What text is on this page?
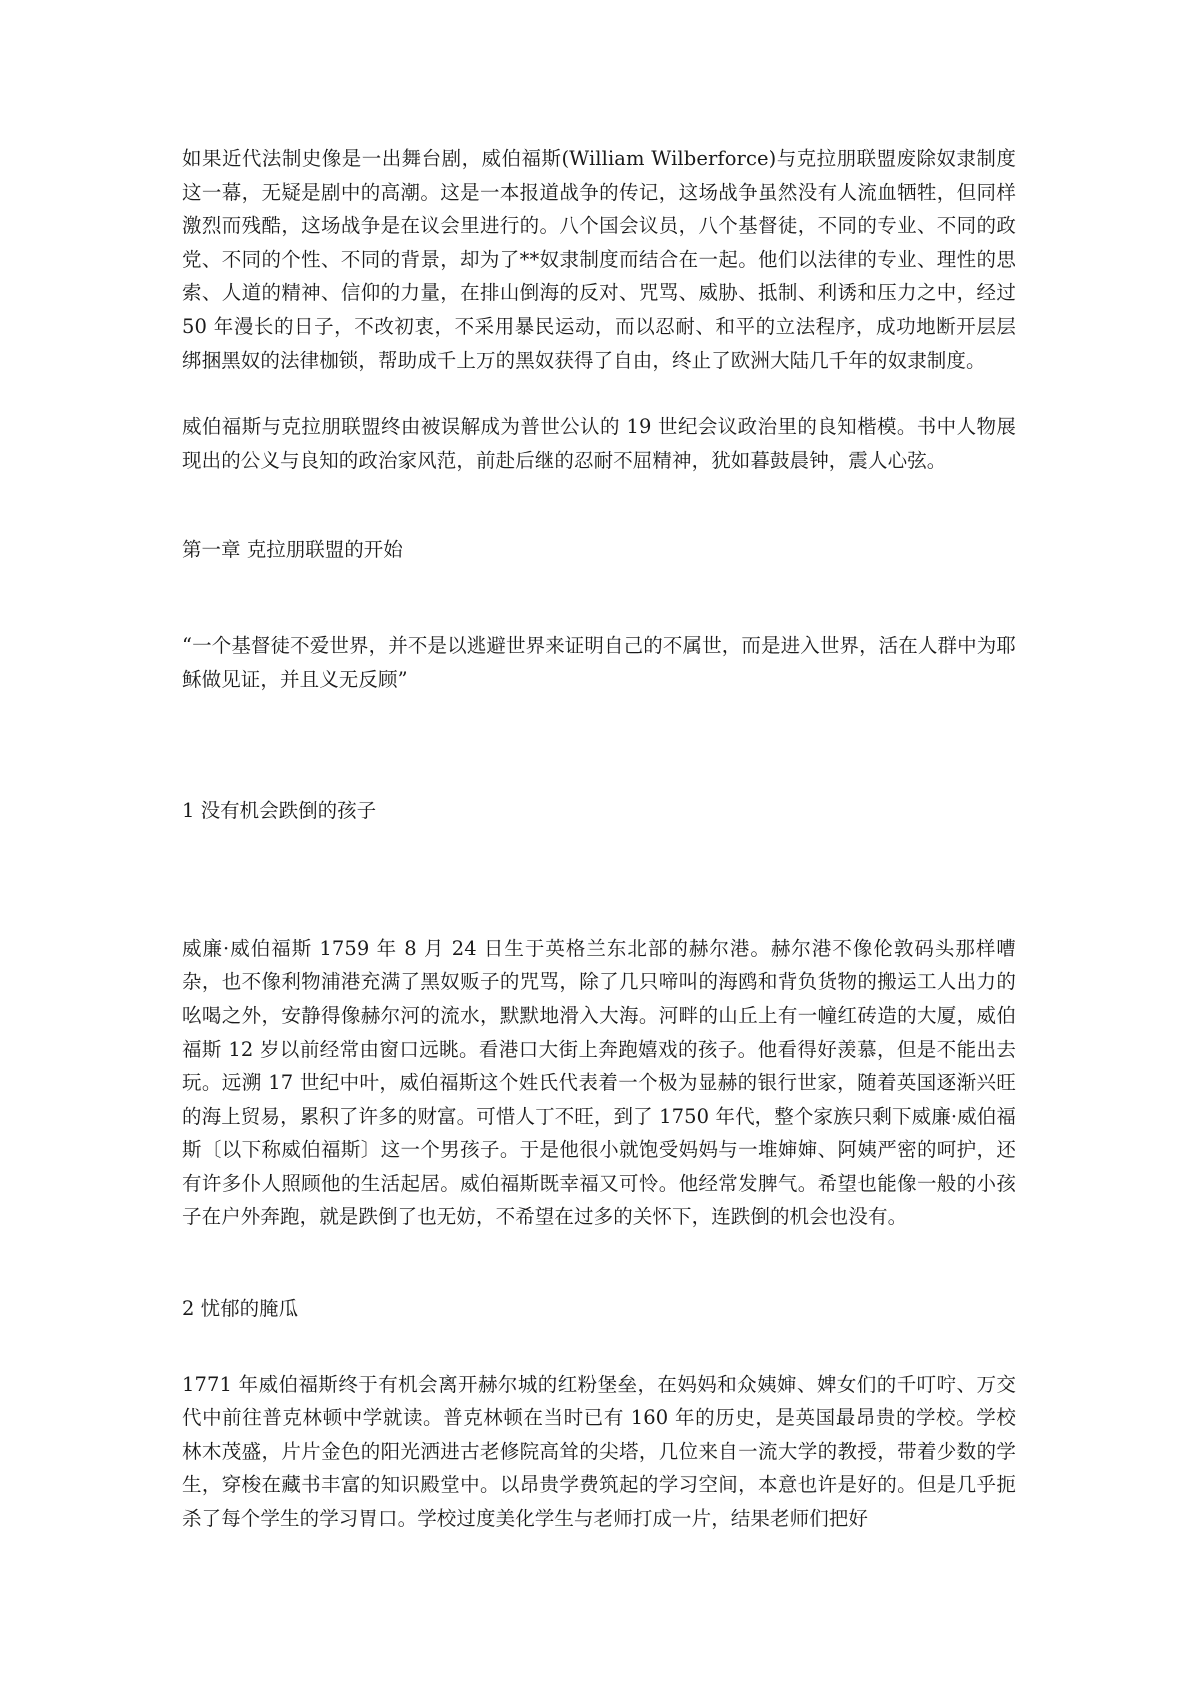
如果近代法制史像是一出舞台剧，威伯福斯(William Wilberforce)与克拉朋联盟废除奴隶制度这一幕，无疑是剧中的高潮。这是一本报道战争的传记，这场战争虽然没有人流血牺牲，但同样激烈而残酷，这场战争是在议会里进行的。八个国会议员，八个基督徒，不同的专业、不同的政党、不同的个性、不同的背景，却为了**奴隶制度而结合在一起。他们以法律的专业、理性的思索、人道的精神、信仰的力量，在排山倒海的反对、咒骂、威胁、抵制、利诱和压力之中，经过 50 年漫长的日子，不改初衷，不采用暴民运动，而以忍耐、和平的立法程序，成功地断开层层绑捆黑奴的法律枷锁，帮助成千上万的黑奴获得了自由，终止了欧洲大陆几千年的奴隶制度。

威伯福斯与克拉朋联盟终由被误解成为普世公认的 19 世纪会议政治里的良知楷模。书中人物展现出的公义与良知的政治家风范，前赴后继的忍耐不屈精神，犹如暮鼓晨钟，震人心弦。

第一章 克拉朋联盟的开始

“一个基督徒不爱世界，并不是以逃避世界来证明自己的不属世，而是进入世界，活在人群中为耶稣做见证，并且义无反顾”

1 没有机会跌倒的孩子

威廉·威伯福斯 1759 年 8 月 24 日生于英格兰东北部的赫尔港。赫尔港不像伦敦码头那样嘈杂，也不像利物浦港充满了黑奴贩子的咒骂，除了几只啼叫的海鸥和背负货物的搬运工人出力的吆喝之外，安静得像赫尔河的流水，默默地滑入大海。河畔的山丘上有一幢红砖造的大厦，威伯福斯 12 岁以前经常由窗口远眺。看港口大街上奔跑嬉戏的孩子。他看得好羡慕，但是不能出去玩。远溯 17 世纪中叶，威伯福斯这个姓氏代表着一个极为显赫的银行世家，随着英国逐渐兴旺的海上贸易，累积了许多的财富。可惜人丁不旺，到了 1750 年代，整个家族只剩下威廉·威伯福斯〔以下称威伯福斯〕这一个男孩子。于是他很小就饱受妈妈与一堆婶婶、阿姨严密的呵护，还有许多仆人照顾他的生活起居。威伯福斯既幸福又可怜。他经常发脾气。希望也能像一般的小孩子在户外奔跑，就是跌倒了也无妨，不希望在过多的关怀下，连跌倒的机会也没有。

2 忧郁的腌瓜

1771 年威伯福斯终于有机会离开赫尔城的红粉堡垒，在妈妈和众姨婶、婢女们的千叮咛、万交代中前往普克林顿中学就读。普克林顿在当时已有 160 年的历史，是英国最昂贵的学校。学校林木茂盛，片片金色的阳光洒进古老修院高耸的尖塔，几位来自一流大学的教授，带着少数的学生，穿梭在藏书丰富的知识殿堂中。以昂贵学费筑起的学习空间，本意也许是好的。但是几乎扼杀了每个学生的学习胃口。学校过度美化学生与老师打成一片，结果老师们把好
